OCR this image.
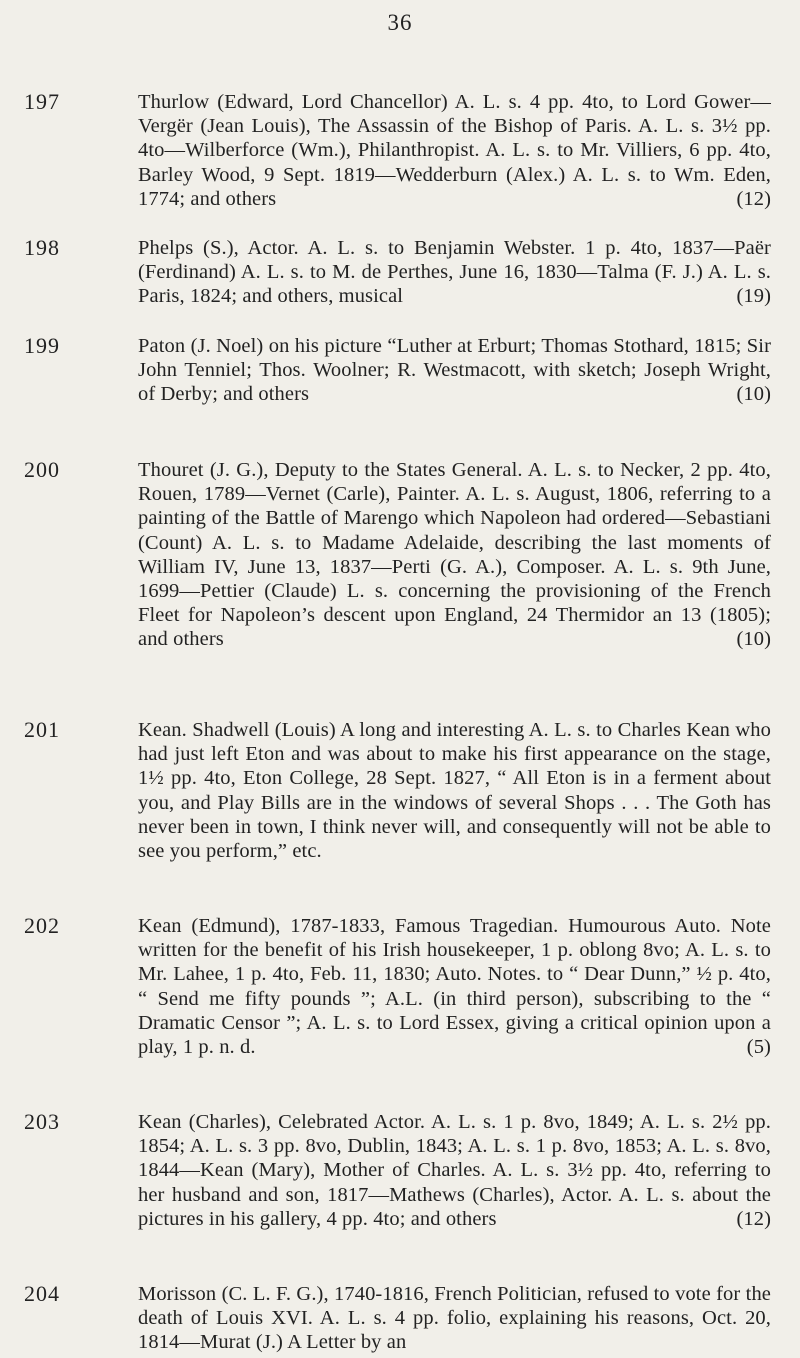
36
197	Thurlow (Edward, Lord Chancellor) A. L. s. 4 pp. 4to, to Lord Gower—Vergër (Jean Louis), The Assassin of the Bishop of Paris. A. L. s. 3½ pp. 4to—Wilberforce (Wm.), Philanthropist. A. L. s. to Mr. Villiers, 6 pp. 4to, Barley Wood, 9 Sept. 1819—Wedderburn (Alex.) A. L. s. to Wm. Eden, 1774; and others	(12)
198	Phelps (S.), Actor. A. L. s. to Benjamin Webster. 1 p. 4to, 1837—Paër (Ferdinand) A. L. s. to M. de Perthes, June 16, 1830—Talma (F. J.) A. L. s. Paris, 1824; and others, musical	(19)
199	Paton (J. Noel) on his picture “Luther at Erburt; Thomas Stothard, 1815; Sir John Tenniel; Thos. Woolner; R. Westmacott, with sketch; Joseph Wright, of Derby; and others	(10)
200	Thouret (J. G.), Deputy to the States General. A. L. s. to Necker, 2 pp. 4to, Rouen, 1789—Vernet (Carle), Painter. A. L. s. August, 1806, referring to a painting of the Battle of Marengo which Napoleon had ordered—Sebastiani (Count) A. L. s. to Madame Adelaide, describing the last moments of William IV, June 13, 1837—Perti (G. A.), Composer. A. L. s. 9th June, 1699—Pettier (Claude) L. s. concerning the provisioning of the French Fleet for Napoleon’s descent upon England, 24 Thermidor an 13 (1805); and others	(10)
201	Kean. Shadwell (Louis) A long and interesting A. L. s. to Charles Kean who had just left Eton and was about to make his first appearance on the stage, 1½ pp. 4to, Eton College, 28 Sept. 1827, “ All Eton is in a ferment about you, and Play Bills are in the windows of several Shops . . . The Goth has never been in town, I think never will, and consequently will not be able to see you perform,” etc.
202	Kean (Edmund), 1787-1833, Famous Tragedian. Humourous Auto. Note written for the benefit of his Irish housekeeper, 1 p. oblong 8vo; A. L. s. to Mr. Lahee, 1 p. 4to, Feb. 11, 1830; Auto. Notes. to “ Dear Dunn,” ½ p. 4to, “ Send me fifty pounds ”; A.L. (in third person), subscribing to the “ Dramatic Censor ”; A. L. s. to Lord Essex, giving a critical opinion upon a play, 1 p. n. d.	(5)
203	Kean (Charles), Celebrated Actor. A. L. s. 1 p. 8vo, 1849; A. L. s. 2½ pp. 1854; A. L. s. 3 pp. 8vo, Dublin, 1843; A. L. s. 1 p. 8vo, 1853; A. L. s. 8vo, 1844—Kean (Mary), Mother of Charles. A. L. s. 3½ pp. 4to, referring to her husband and son, 1817—Mathews (Charles), Actor. A. L. s. about the pictures in his gallery, 4 pp. 4to; and others	(12)
204	Morisson (C. L. F. G.), 1740-1816, French Politician, refused to vote for the death of Louis XVI. A. L. s. 4 pp. folio, explaining his reasons, Oct. 20, 1814—Murat (J.) A Letter by an
